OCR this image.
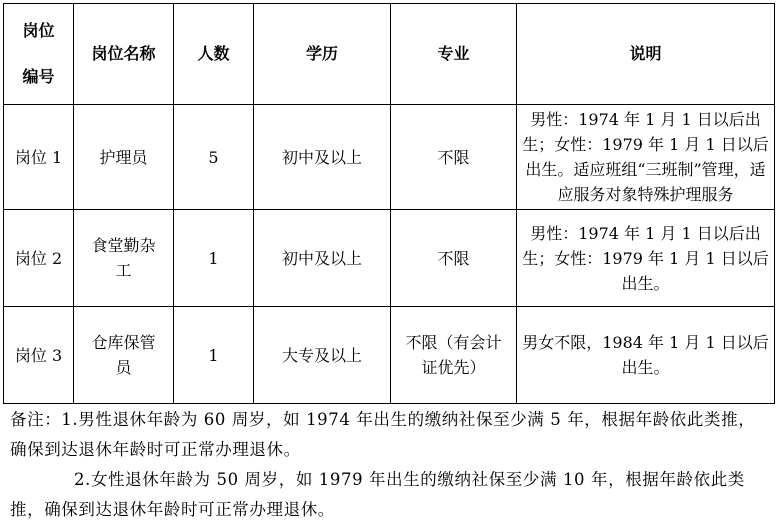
岗位编号	岗位名称	人数	学历	专业	说明
岗位 1	护理员	5	初中及以上	不限	男性：1974 年 1 月 1 日以后出生；女性：1979 年 1 月 1 日以后出生。适应班组“三班制”管理，适应服务对象特殊护理服务
岗位 2	食堂勤杂工	1	初中及以上	不限	男性：1974 年 1 月 1 日以后出生；女性：1979 年 1 月 1 日以后出生。
岗位 3	仓库保管员	1	大专及以上	不限（有会计证优先）	男女不限，1984 年 1 月 1 日以后出生。

备注：1.男性退休年龄为 60 周岁，如 1974 年出生的缴纳社保至少满 5 年，根据年龄依此类推，确保到达退休年龄时可正常办理退休。

2.女性退休年龄为 50 周岁，如 1979 年出生的缴纳社保至少满 10 年，根据年龄依此类推，确保到达退休年龄时可正常办理退休。
